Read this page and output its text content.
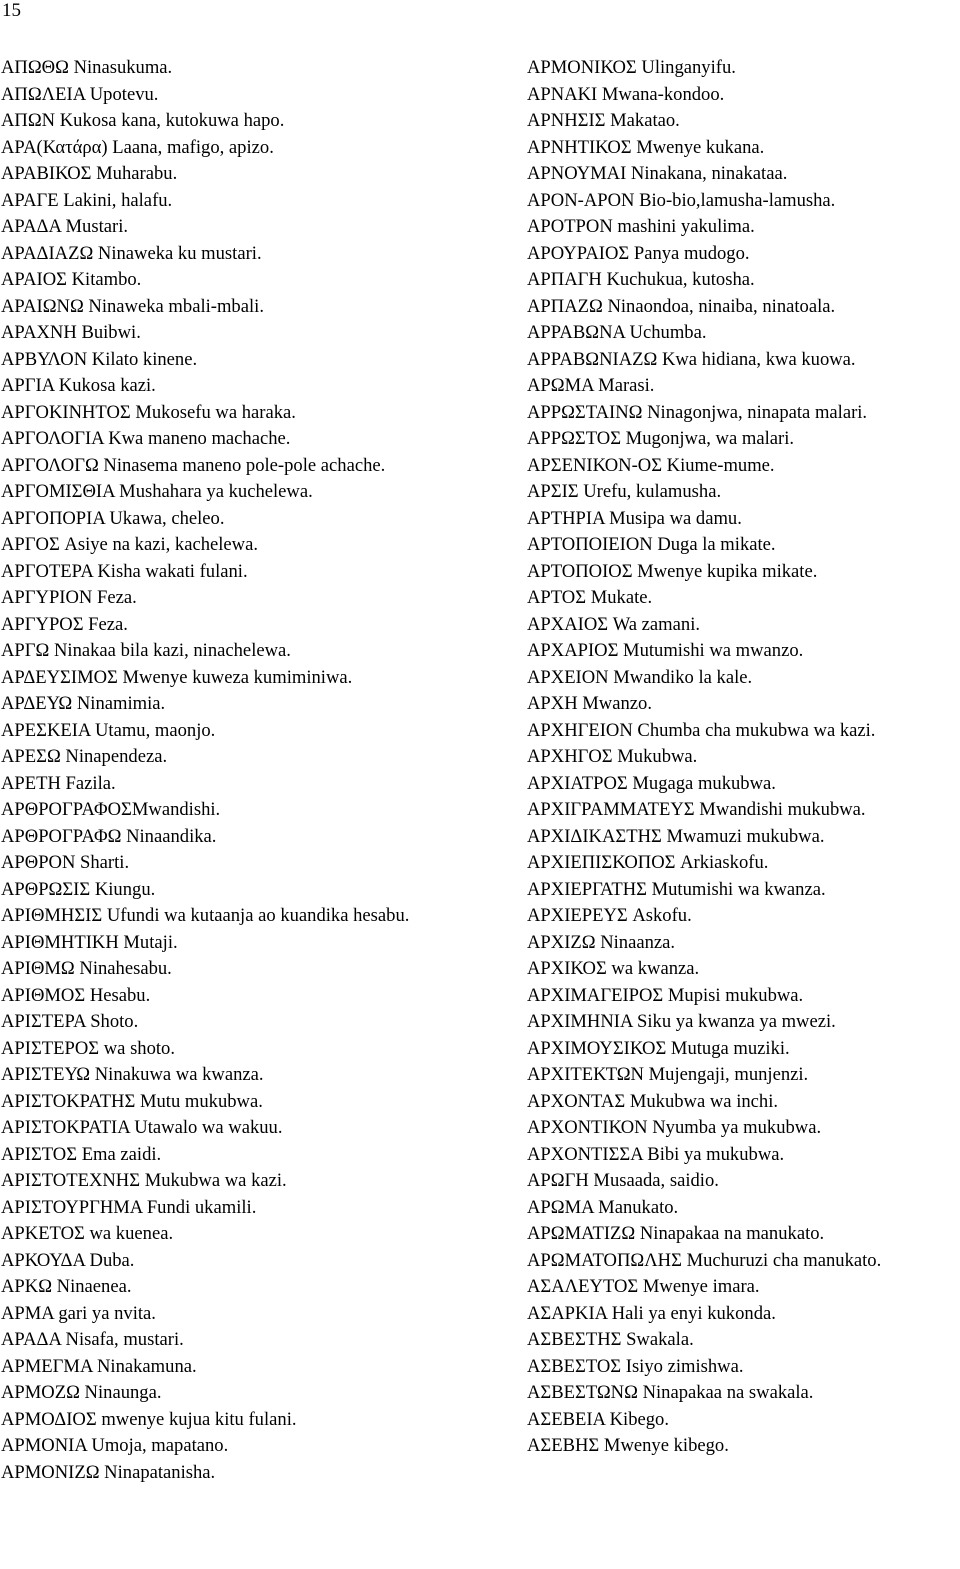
15
ΑΠΩΘΩ Ninasukuma.
ΑΠΩΛΕΙΑ Upotevu.
ΑΠΩΝ Kukosa kana, kutokuwa hapo.
ΑΡΑ(Κατάρα) Laana, mafigo, apizo.
ΑΡΑΒΙΚΟΣ Muharabu.
ΑΡΑΓΕ Lakini, halafu.
ΑΡΑΔΑ Mustari.
ΑΡΑΔΙΑΖΩ Ninaweka ku mustari.
ΑΡΑΙΟΣ Kitambo.
ΑΡΑΙΩΝΩ Ninaweka mbali-mbali.
ΑΡΑΧΝΗ Buibwi.
ΑΡΒΥΛΟΝ Kilato kinene.
ΑΡΓΙΑ Kukosa kazi.
ΑΡΓΟΚΙΝΗΤΟΣ Mukosefu wa haraka.
ΑΡΓΟΛΟΓΙΑ Kwa maneno machache.
ΑΡΓΟΛΟΓΩ Ninasema maneno pole-pole achache.
ΑΡΓΟΜΙΣΘΙΑ Mushahara ya kuchelewa.
ΑΡΓΟΠΟΡΙΑ Ukawa, cheleo.
ΑΡΓΟΣ Asiye na kazi, kachelewa.
ΑΡΓΟΤΕΡΑ Kisha wakati fulani.
ΑΡΓΥΡΙΟΝ Feza.
ΑΡΓΥΡΟΣ Feza.
ΑΡΓΩ Ninakaa bila kazi, ninachelewa.
ΑΡΔΕΥΣΙΜΟΣ Mwenye kuweza kumiminiwa.
ΑΡΔΕΥΩ Ninamimia.
ΑΡΕΣΚΕΙΑ Utamu, maonjo.
ΑΡΕΣΩ Ninapendeza.
ΑΡΕΤΗ Fazila.
ΑΡΘΡΟΓΡΑΦΟΣMwandishi.
ΑΡΘΡΟΓΡΑΦΩ Ninaandika.
ΑΡΘΡΟΝ Sharti.
ΑΡΘΡΩΣΙΣ Kiungu.
ΑΡΙΘΜΗΣΙΣ Ufundi wa kutaanja ao kuandika hesabu.
ΑΡΙΘΜΗΤΙΚΗ Mutaji.
ΑΡΙΘΜΩ Ninahesabu.
ΑΡΙΘΜΟΣ Hesabu.
ΑΡΙΣΤΕΡΑ Shoto.
ΑΡΙΣΤΕΡΟΣ wa shoto.
ΑΡΙΣΤΕΥΩ Ninakuwa wa kwanza.
ΑΡΙΣΤΟΚΡΑΤΗΣ Mutu mukubwa.
ΑΡΙΣΤΟΚΡΑΤΙΑ Utawalo wa wakuu.
ΑΡΙΣΤΟΣ Ema zaidi.
ΑΡΙΣΤΟΤΕΧΝΗΣ Mukubwa wa kazi.
ΑΡΙΣΤΟΥΡΓΗΜΑ Fundi ukamili.
ΑΡΚΕΤΟΣ wa kuenea.
ΑΡΚΟΥΔΑ Duba.
ΑΡΚΩ Ninaenea.
ΑΡΜΑ gari ya nvita.
ΑΡΑΔΑ Nisafa, mustari.
ΑΡΜΕΓΜΑ Ninakamuna.
ΑΡΜΟΖΩ Ninaunga.
ΑΡΜΟΔΙΟΣ mwenye kujua kitu fulani.
ΑΡΜΟΝΙΑ Umoja, mapatano.
ΑΡΜΟΝΙΖΩ Ninapatanisha.
ΑΡΜΟΝΙΚΟΣ Ulinganyifu.
ΑΡΝΑΚΙ Mwana-kondoo.
ΑΡΝΗΣΙΣ Makatao.
ΑΡΝΗΤΙΚΟΣ Mwenye kukana.
ΑΡΝΟΥΜΑΙ Ninakana, ninakataa.
ΑΡΟΝ-ΑΡΟΝ Bio-bio,lamusha-lamusha.
ΑΡΟΤΡΟΝ mashini yakulima.
ΑΡΟΥΡΑΙΟΣ Panya mudogo.
ΑΡΠΑΓΗ Kuchukua, kutosha.
ΑΡΠΑΖΩ Ninaondoa, ninaiba, ninatoala.
ΑΡΡΑΒΩΝΑ Uchumba.
ΑΡΡΑΒΩΝΙΑΖΩ Kwa hidiana, kwa kuowa.
ΑΡΩΜΑ Marasi.
ΑΡΡΩΣΤΑΙΝΩ Ninagonjwa, ninapata malari.
ΑΡΡΩΣΤΟΣ Mugonjwa, wa malari.
ΑΡΣΕΝΙΚΟΝ-ΟΣ Kiume-mume.
ΑΡΣΙΣ Urefu, kulamusha.
ΑΡΤΗΡΙΑ Musipa wa damu.
ΑΡΤΟΠΟΙΕΙΟΝ Duga la mikate.
ΑΡΤΟΠΟΙΟΣ Mwenye kupika mikate.
ΑΡΤΟΣ Mukate.
ΑΡΧΑΙΟΣ Wa zamani.
ΑΡΧΑΡΙΟΣ Mutumishi wa mwanzo.
ΑΡΧΕΙΟΝ Mwandiko la kale.
ΑΡΧΗ Mwanzo.
ΑΡΧΗΓΕΙΟΝ Chumba cha mukubwa wa kazi.
ΑΡΧΗΓΟΣ Mukubwa.
ΑΡΧΙΑΤΡΟΣ Mugaga mukubwa.
ΑΡΧΙΓΡΑΜΜΑΤΕΥΣ Mwandishi mukubwa.
ΑΡΧΙΔΙΚΑΣΤΗΣ Mwamuzi mukubwa.
ΑΡΧΙΕΠΙΣΚΟΠΟΣ Arkiaskofu.
ΑΡΧΙΕΡΓΑΤΗΣ Mutumishi wa kwanza.
ΑΡΧΙΕΡΕΥΣ Askofu.
ΑΡΧΙΖΩ Ninaanza.
ΑΡΧΙΚΟΣ wa kwanza.
ΑΡΧΙΜΑΓΕΙΡΟΣ Mupisi mukubwa.
ΑΡΧΙΜΗΝΙΑ Siku ya kwanza ya mwezi.
ΑΡΧΙΜΟΥΣΙΚΟΣ Mutuga muziki.
ΑΡΧΙΤΕΚΤΩΝ Mujengaji, munjenzi.
ΑΡΧΟΝΤΑΣ Mukubwa wa inchi.
ΑΡΧΟΝΤΙΚΟΝ Nyumba ya mukubwa.
ΑΡΧΟΝΤΙΣΣΑ Bibi ya mukubwa.
ΑΡΩΓΗ Musaada, saidio.
ΑΡΩΜΑ Manukato.
ΑΡΩΜΑΤΙΖΩ Ninapakaa na manukato.
ΑΡΩΜΑΤΟΠΩΛΗΣ Muchuruzi cha manukato.
ΑΣΑΛΕΥΤΟΣ Mwenye imara.
ΑΣΑΡΚΙΑ Hali ya enyi kukonda.
ΑΣΒΕΣΤΗΣ Swakala.
ΑΣΒΕΣΤΟΣ Isiyo zimishwa.
ΑΣΒΕΣΤΩΝΩ Ninapakaa na swakala.
ΑΣΕΒΕΙΑ Kibego.
ΑΣΕΒΗΣ Mwenye kibego.
